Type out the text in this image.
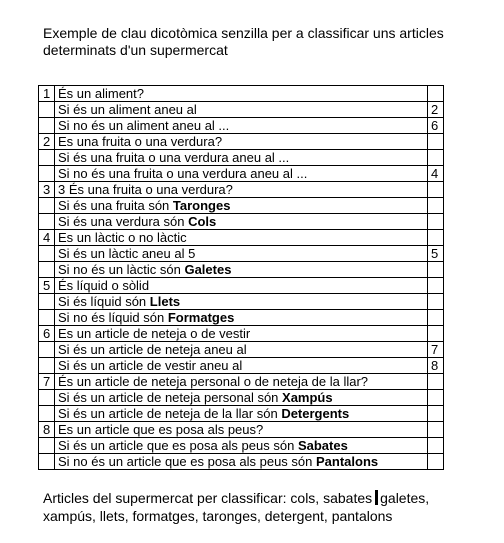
Exemple de clau dicotòmica senzilla per a classificar uns articles determinats d'un supermercat
1	És un aliment?	
	Si és un aliment aneu al	2
	Si no és un aliment aneu al ...	6
2	Es una fruita o una verdura?	
	Si és una fruita o una verdura aneu al ...	
	Si no és una fruita o una verdura aneu al ...	4
3	3 És una fruita o una verdura?	
	Si és una fruita són Taronges	
	Si és una verdura són Cols	
4	Es un làctic o no làctic	
	Si és un làctic aneu al 5	5
	Si no és un làctic són Galetes	
5	És líquid o sòlid	
	Si és líquid són Llets	
	Si no és líquid són Formatges	
6	Es un article de neteja o de vestir	
	Si és un article de neteja aneu al	7
	Si és un article de vestir aneu al	8
7	És un article de neteja personal o de neteja de la llar?	
	Si és un article de neteja personal són Xampús	
	Si és un article de neteja de la llar són Detergents	
8	Es un article que es posa als peus?	
	Si és un article que es posa als peus són Sabates	
	Si no és un article que es posa als peus són Pantalons	
Articles del supermercat per classificar: cols, sabates galetes, xampús, llets, formatges, taronges, detergent, pantalons
